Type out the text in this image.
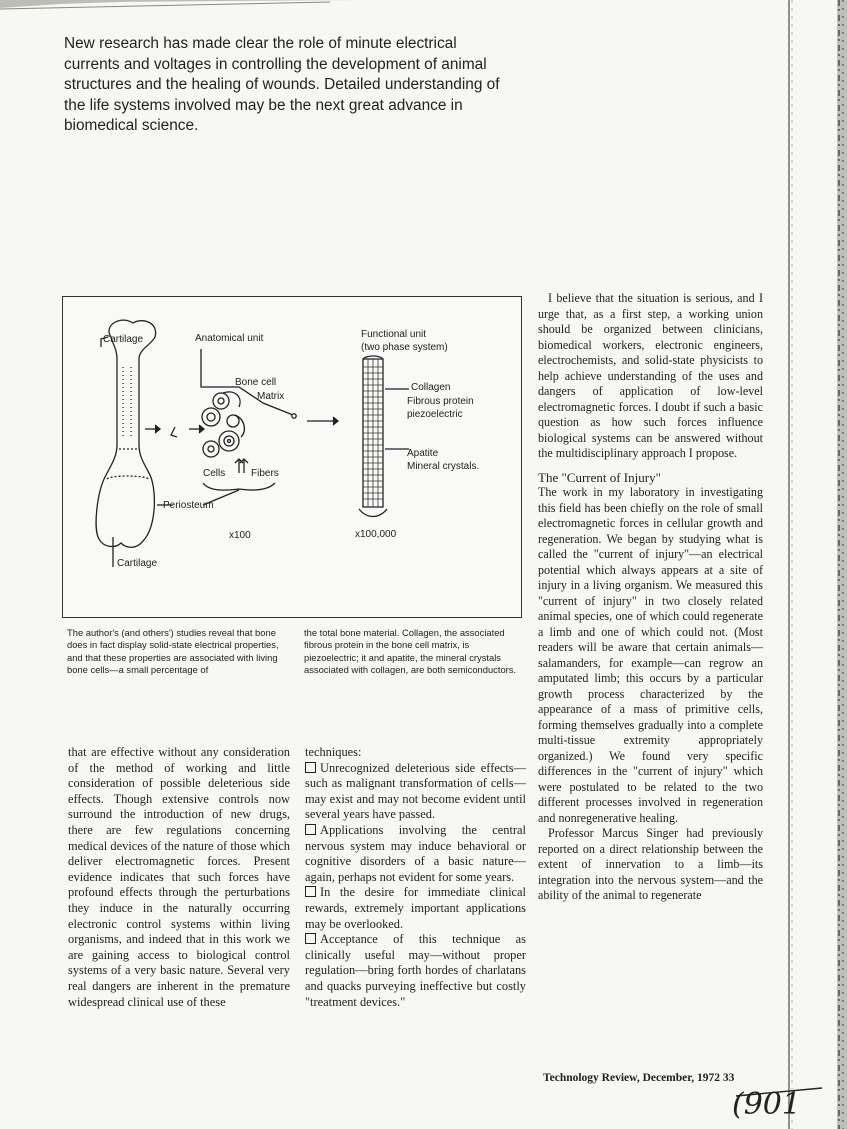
New research has made clear the role of minute electrical currents and voltages in controlling the development of animal structures and the healing of wounds. Detailed understanding of the life systems involved may be the next great advance in biomedical science.
Cartilage	Anatomical unit	Functional unit
(two phase system)
Bone cell
Matrix
Collagen
Fibrous protein
piezoelectric
Apatite
Mineral crystals.
Cells	Fibers
Periosteum
x100	x100,000
Cartilage
The author's (and others') studies reveal that bone does in fact display solid-state electrical properties, and that these properties are associated with living bone cells—a small percentage of
the total bone material. Collagen, the associated fibrous protein in the bone cell matrix, is piezoelectric; it and apatite, the mineral crystals associated with collagen, are both semiconductors.

that are effective without any consideration of the method of working and little consideration of possible deleterious side effects. Though extensive controls now surround the introduction of new drugs, there are few regulations concerning medical devices of the nature of those which deliver electromagnetic forces. Present evidence indicates that such forces have profound effects through the perturbations they induce in the naturally occurring electronic control systems within living organisms, and indeed that in this work we are gaining access to biological control systems of a very basic nature. Several very real dangers are inherent in the premature widespread clinical use of these

techniques:

Unrecognized deleterious side effects—such as malignant transformation of cells—may exist and may not become evident until several years have passed.

Applications involving the central nervous system may induce behavioral or cognitive disorders of a basic nature—again, perhaps not evident for some years.

In the desire for immediate clinical rewards, extremely important applications may be overlooked.

Acceptance of this technique as clinically useful may—without proper regulation—bring forth hordes of charlatans and quacks purveying ineffective but costly "treatment devices."

I believe that the situation is serious, and I urge that, as a first step, a working union should be organized between clinicians, biomedical workers, electronic engineers, electrochemists, and solid-state physicists to help achieve understanding of the uses and dangers of application of low-level electromagnetic forces. I doubt if such a basic question as how such forces influence biological systems can be answered without the multidisciplinary approach I propose.

The "Current of Injury"

The work in my laboratory in investigating this field has been chiefly on the role of small electromagnetic forces in cellular growth and regeneration. We began by studying what is called the "current of injury"—an electrical potential which always appears at a site of injury in a living organism. We measured this "current of injury" in two closely related animal species, one of which could regenerate a limb and one of which could not. (Most readers will be aware that certain animals—salamanders, for example—can regrow an amputated limb; this occurs by a particular growth process characterized by the appearance of a mass of primitive cells, forming themselves gradually into a complete multi-tissue extremity appropriately organized.) We found very specific differences in the "current of injury" which were postulated to be related to the two different processes involved in regeneration and nonregenerative healing.

Professor Marcus Singer had previously reported on a direct relationship between the extent of innervation to a limb—its integration into the nervous system—and the ability of the animal to regenerate

Technology Review, December, 1972 33
(901
